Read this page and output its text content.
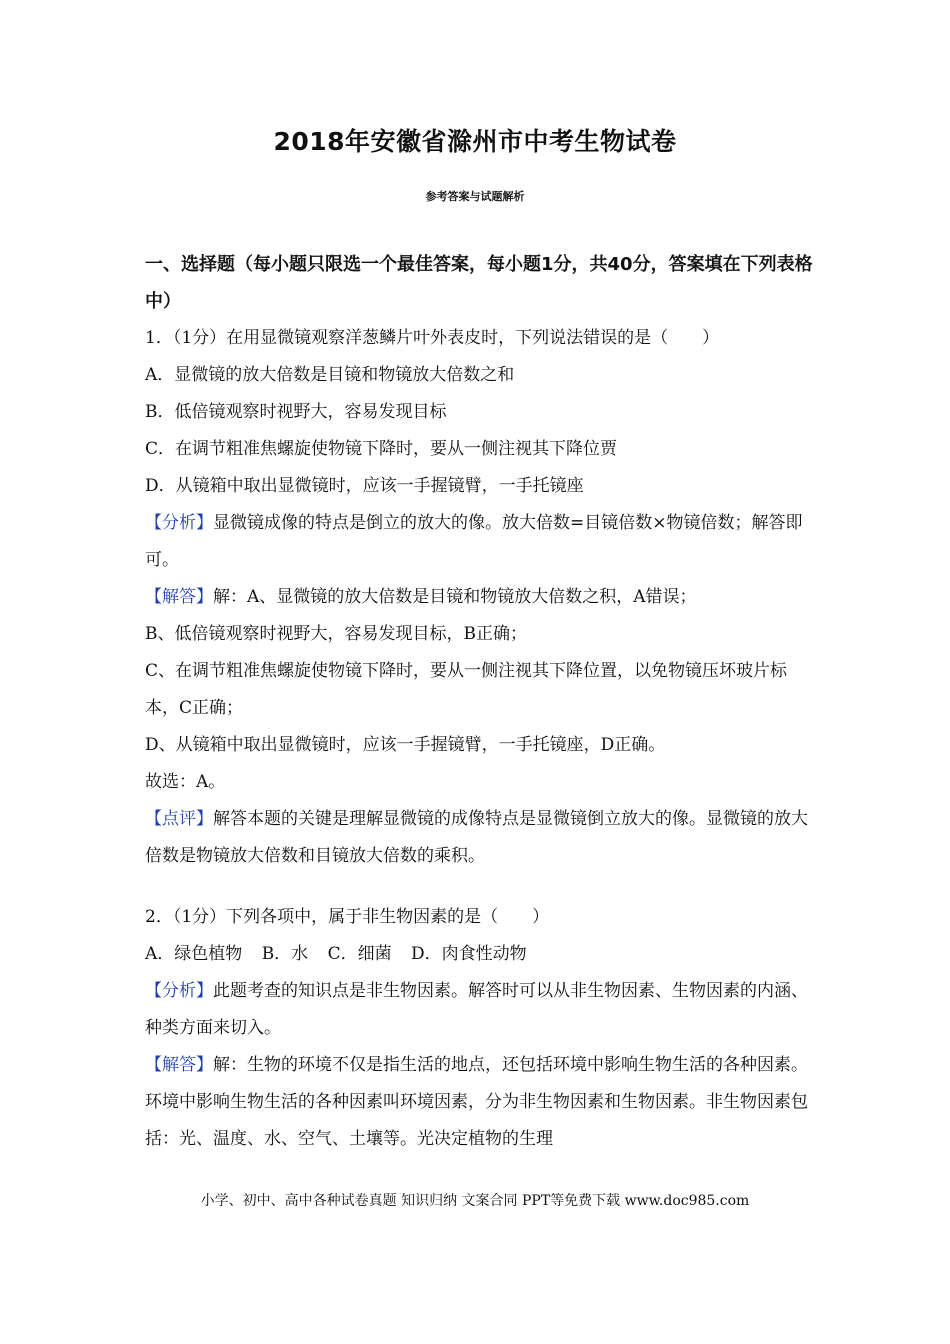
2018年安徽省滁州市中考生物试卷
参考答案与试题解析

一、选择题（每小题只限选一个最佳答案，每小题1分，共40分，答案填在下列表格中）

1．（1分）在用显微镜观察洋葱鳞片叶外表皮时，下列说法错误的是（　　）

A．显微镜的放大倍数是目镜和物镜放大倍数之和

B．低倍镜观察时视野大，容易发现目标

C．在调节粗准焦螺旋使物镜下降时，要从一侧注视其下降位贾

D．从镜箱中取出显微镜时，应该一手握镜臂，一手托镜座

【分析】显微镜成像的特点是倒立的放大的像。放大倍数=目镜倍数×物镜倍数；解答即可。

【解答】解：A、显微镜的放大倍数是目镜和物镜放大倍数之积，A错误；

B、低倍镜观察时视野大，容易发现目标，B正确；

C、在调节粗准焦螺旋使物镜下降时，要从一侧注视其下降位置，以免物镜压坏玻片标本，C正确；

D、从镜箱中取出显微镜时，应该一手握镜臂，一手托镜座，D正确。

故选：A。

【点评】解答本题的关键是理解显微镜的成像特点是显微镜倒立放大的像。显微镜的放大倍数是物镜放大倍数和目镜放大倍数的乘积。

2．（1分）下列各项中，属于非生物因素的是（　　）

A．绿色植物 B．水 C．细菌 D．肉食性动物

【分析】此题考查的知识点是非生物因素。解答时可以从非生物因素、生物因素的内涵、种类方面来切入。

【解答】解：生物的环境不仅是指生活的地点，还包括环境中影响生物生活的各种因素。环境中影响生物生活的各种因素叫环境因素，分为非生物因素和生物因素。非生物因素包括：光、温度、水、空气、土壤等。光决定植物的生理

小学、初中、高中各种试卷真题 知识归纳 文案合同 PPT等免费下载 www.doc985.com
